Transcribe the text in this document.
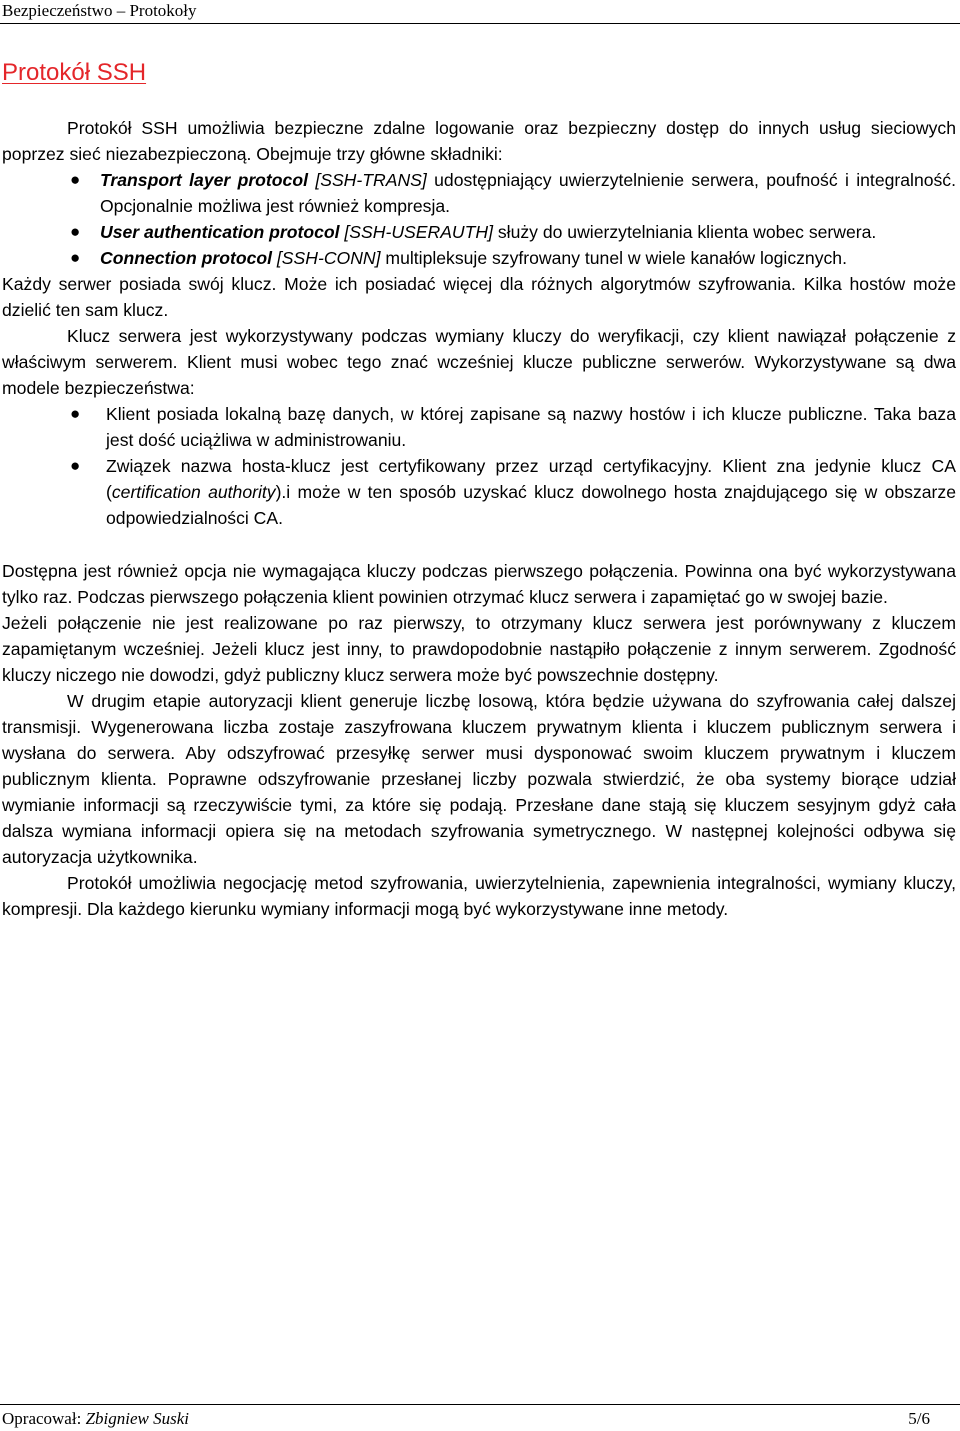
Bezpieczeństwo – Protokoły
Protokół SSH

Protokół SSH umożliwia bezpieczne zdalne logowanie oraz bezpieczny dostęp do innych usług sieciowych poprzez sieć niezabezpieczoną. Obejmuje trzy główne składniki:

● Transport layer protocol [SSH-TRANS] udostępniający uwierzytelnienie serwera, poufność i integralność. Opcjonalnie możliwa jest również kompresja.
● User authentication protocol [SSH-USERAUTH] służy do uwierzytelniania klienta wobec serwera.
● Connection protocol [SSH-CONN] multipleksuje szyfrowany tunel w wiele kanałów logicznych.

Każdy serwer posiada swój klucz. Może ich posiadać więcej dla różnych algorytmów szyfrowania. Kilka hostów może dzielić ten sam klucz.

Klucz serwera jest wykorzystywany podczas wymiany kluczy do weryfikacji, czy klient nawiązał połączenie z właściwym serwerem. Klient musi wobec tego znać wcześniej klucze publiczne serwerów. Wykorzystywane są dwa modele bezpieczeństwa:

● Klient posiada lokalną bazę danych, w której zapisane są nazwy hostów i ich klucze publiczne. Taka baza jest dość uciążliwa w administrowaniu.
● Związek nazwa hosta-klucz jest certyfikowany przez urząd certyfikacyjny. Klient zna jedynie klucz CA (certification authority).i może w ten sposób uzyskać klucz dowolnego hosta znajdującego się w obszarze odpowiedzialności CA.

Dostępna jest również opcja nie wymagająca kluczy podczas pierwszego połączenia. Powinna ona być wykorzystywana tylko raz. Podczas pierwszego połączenia klient powinien otrzymać klucz serwera i zapamiętać go w swojej bazie.

Jeżeli połączenie nie jest realizowane po raz pierwszy, to otrzymany klucz serwera jest porównywany z kluczem zapamiętanym wcześniej. Jeżeli klucz jest inny, to prawdopodobnie nastąpiło połączenie z innym serwerem. Zgodność kluczy niczego nie dowodzi, gdyż publiczny klucz serwera może być powszechnie dostępny.

W drugim etapie autoryzacji klient generuje liczbę losową, która będzie używana do szyfrowania całej dalszej transmisji. Wygenerowana liczba zostaje zaszyfrowana kluczem prywatnym klienta i kluczem publicznym serwera i wysłana do serwera. Aby odszyfrować przesyłkę serwer musi dysponować swoim kluczem prywatnym i kluczem publicznym klienta. Poprawne odszyfrowanie przesłanej liczby pozwala stwierdzić, że oba systemy biorące udział wymianie informacji są rzeczywiście tymi, za które się podają. Przesłane dane stają się kluczem sesyjnym gdyż cała dalsza wymiana informacji opiera się na metodach szyfrowania symetrycznego. W następnej kolejności odbywa się autoryzacja użytkownika.

Protokół umożliwia negocjację metod szyfrowania, uwierzytelnienia, zapewnienia integralności, wymiany kluczy, kompresji. Dla każdego kierunku wymiany informacji mogą być wykorzystywane inne metody.

Opracował: Zbigniew Suski	5/6
